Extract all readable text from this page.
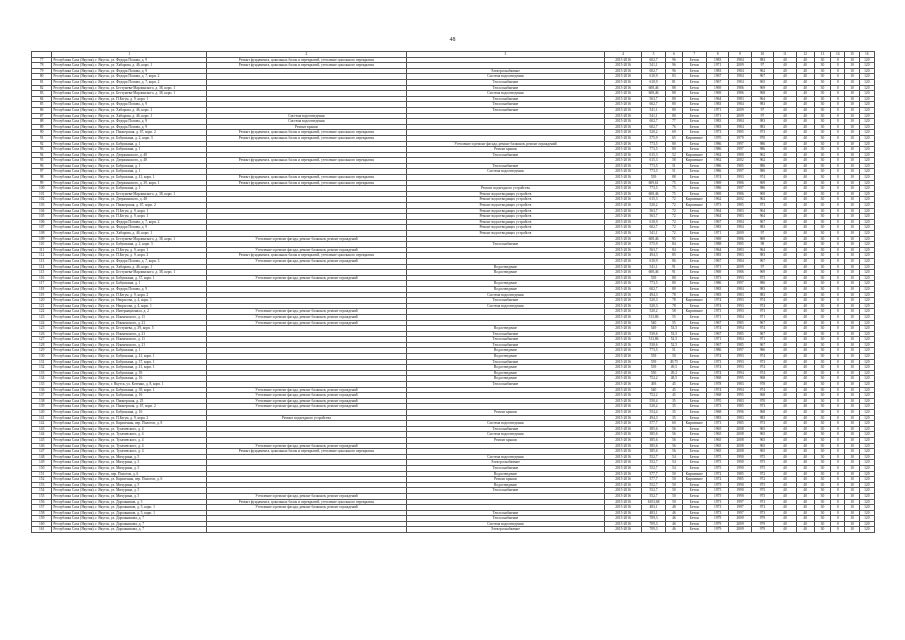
48
	1	2	3	4	5	6	7	8	9	10	11	12	13	14	15	16
77	Республика Саха (Якутия), г. Якутск, ул. Федора Попова, д. 9	Ремонт фундамента, цокольных балок и перекрытий, утепление цокольного перекрытия		2015-2016	602,7	96	Бетон	1983	1984	983	40	40	30	0	10	120
78	Республика Саха (Якутия), г. Якутск, ул. Хабарова, д. 46, корп. 1	Ремонт фундамента, цокольных балок и перекрытий, утепление цокольного перекрытия		2015-2016	541,1	96	Бетон	1971	2009	97	40	40	30	0	10	120
79	Республика Саха (Якутия), г. Якутск, ул. Федора Попова, д. 9		Электроснабжение	2015-2016	602,7	96	Бетон	1983	1984	962	40	40	30	0	10	120
80	Республика Саха (Якутия), г. Якутск, ул. Федора Попова, д. 7, корп. 2		Система водоотведения	2015-2016	610,9	83	Бетон	1967	1984	967	40	40	30	0	10	120
81	Республика Саха (Якутия), г. Якутск, ул. Федора Попова, д. 7, корп. 2		Теплоснабжение	2015-2016	610,9	81	Бетон	1967	1984	965	40	40	30	0	10	120
82	Республика Саха (Якутия), г. Якутск, ул. Бестужева-Марлинского, д. 38, корп. 1		Теплоснабжение	2015-2016	608,46	88	Бетон	1969	1986	969	40	40	30	0	10	120
83	Республика Саха (Якутия), г. Якутск, ул. Бестужева-Марлинского, д. 38, корп. 1		Система водоотведения	2015-2016	608,46	88	Бетон	1969	1986	968	40	40	30	0	10	120
84	Республика Саха (Якутия), г. Якутск, ул. П.Бегун, д. 9, корп. 1		Теплоснабжение	2015-2016	563,7	80	Бетон	1964	1983	964	40	40	30	0	10	120
85	Республика Саха (Якутия), г. Якутск, ул. Федора Попова, д. 9		Теплоснабжение	2015-2016	602,7	80	Бетон	1983	1984	983	40	40	30	0	10	120
86	Республика Саха (Якутия), г. Якутск, ул. Хабарова, д. 46, корп. 1		Теплоснабжение	2015-2016	541,1	80	Бетон	1971	2009	97	40	40	30	0	10	120
87	Республика Саха (Якутия), г. Якутск, ул. Хабарова, д. 46, корп. 1	Система водоотведения		2015-2016	541,1	80	Бетон	1971	2009	97	40	40	30	0	10	120
88	Республика Саха (Якутия), г. Якутск, ул. Федора Попова, д. 9	Система водоотведения		2015-2016	602,7	77	Бетон	1983	1984	983	40	40	30	0	10	120
89	Республика Саха (Якутия), г. Якутск, ул. Федора Попова, д. 9	Ремонт крыши		2015-2016	602,7	76	Бетон	1983	1984	983	40	40	30	0	10	120
90	Республика Саха (Якутия), г. Якутск, ул. Пионерская, д. 67, корп. 2	Ремонт фундамента, цокольных балок и перекрытий, утепление цокольного перекрытия		2015-2016	520,2	69	Бетон	1973	1985	973	40	40	30	0	10	120
91	Республика Саха (Якутия), г. Якутск, ул. Бабушкина, д. 2, корп. 5	Ремонт фундамента, цокольных балок и перекрытий, утепление цокольного перекрытия		2015-2016	575,9	65	Кирпичное	1970	1979	970	40	40	30	0	10	120
92	Республика Саха (Якутия), г. Якутск, ул. Бабушкина, д. 1		Утепление и ремонт фасада, ремонт балконов, ремонт ограждений	2015-2016	773,5	80	Бетон	1986	1997	986	40	40	30	0	10	120
93	Республика Саха (Якутия), г. Якутск, ул. Бабушкина, д. 1		Ремонт крыши	2015-2016	773,5	80	Бетон	1986	1997	986	40	40	30	0	10	120
94	Республика Саха (Якутия), г. Якутск, ул. Дзержинского, д. 40		Теплоснабжение	2015-2016	615,3	52	Кирпичное	1962	1980	962	40	40	30	0	10	120
95	Республика Саха (Якутия), г. Якутск, ул. Дзержинского, д. 48	Ремонт фундамента, цокольных балок и перекрытий, утепление цокольного перекрытия		2015-2016	615,3	58	Кирпичное	1962	2002	962	40	40	30	0	10	120
96	Республика Саха (Якутия), г. Якутск, ул. Бабушкина, д. 1		Теплоснабжение	2015-2016	773,5	51	Бетон	1986	1985	986	40	40	30	0	10	120
97	Республика Саха (Якутия), г. Якутск, ул. Бабушкина, д. 1		Система водоотведения	2015-2016	773,5	51	Бетон	1986	1997	986	40	40	30	0	10	120
98	Республика Саха (Якутия), г. Якутск, ул. Бабушкина, д. 41, корп. 1	Ремонт фундамента, цокольных балок и перекрытий, утепление цокольного перекрытия		2015-2016	539	88	Бетон	1974	1993	974	40	40	30	0	10	120
99	Республика Саха (Якутия), г. Якутск, ул. Дзержинского, д. 39, корп. 1	Ремонт фундамента, цокольных балок и перекрытий, утепление цокольного перекрытия		2015-2016	609,61	75	Бетон	1969	1986	969	40	40	30	0	10	120
100	Республика Саха (Якутия), г. Якутск, ул. Бабушкина, д. 1		Ремонт подъездного устройства	2015-2016	773,5	75	Бетон	1986	1997	986	40	40	30	0	10	120
101	Республика Саха (Якутия), г. Якутск, ул. Бестужева-Марлинского, д. 38, корп. 1		Ремонт водоотводящих устройств	2015-2016	608,46	75	Бетон	1969	1986	969	40	40	30	0	10	120
102	Республика Саха (Якутия), г. Якутск, ул. Дзержинского, д. 48		Ремонт водоотводящих устройств	2015-2016	615,3	72	Кирпичное	1962	2002	962	40	40	30	0	10	120
103	Республика Саха (Якутия), г. Якутск, ул. Пионерская, д. 67, корп. 2		Ремонт водоотводящих устройств	2015-2016	520,2	72	Кирпичное	1973	1985	973	40	40	30	0	10	120
104	Республика Саха (Якутия), г. Якутск, ул. П.Бегун, д. 9, корп. 1		Ремонт водоотводящих устройств	2015-2016	563,7	72	Бетон	1964	1983	964	40	40	30	0	10	120
105	Республика Саха (Якутия), г. Якутск, ул. П.Бегун, д. 9, корп. 1		Ремонт водоотводящих устройств	2015-2016	563,7	72	Бетон	1964	1983	964	40	40	30	0	10	120
106	Республика Саха (Якутия), г. Якутск, ул. Федора Попова, д. 7, корп. 2		Ремонт водоотводящих устройств	2015-2016	610,9	72	Бетон	1967	1984	967	40	40	30	0	10	120
107	Республика Саха (Якутия), г. Якутск, ул. Федора Попова, д. 9		Ремонт водоотводящих устройств	2015-2016	602,7	72	Бетон	1983	1984	983	40	40	30	0	10	120
108	Республика Саха (Якутия), г. Якутск, ул. Хабарова, д. 46, корп. 1		Ремонт водоотводящих устройств	2015-2016	541,1	72	Бетон	1971	2009	97	40	40	30	0	10	120
109	Республика Саха (Якутия), г. Якутск, ул. Бестужева-Марлинского, д. 38, корп. 1	Утепление и ремонт фасада, ремонт балконов, ремонт ограждений		2015-2016	608,46	95	Бетон	1969	1986	969	40	40	30	0	10	120
110	Республика Саха (Якутия), г. Якутск, ул. Бабушкина, д. 2, корп. 5		Теплоснабжение	2015-2016	575,9	84	Бетон	1988	1985	98	40	40	30	0	10	120
111	Республика Саха (Якутия), г. Якутск, ул. П.Бегун, д. 9, корп. 1	Утепление и ремонт фасада, ремонт балконов, ремонт ограждений		2015-2016	563,7	84	Бетон	1964	1983	964	40	40	30	0	10	120
112	Республика Саха (Якутия), г. Якутск, ул. П.Бегун, д. 9, корп. 2	Ремонт фундамента, цокольных балок и перекрытий, утепление цокольного перекрытия		2015-2016	494,3	85	Бетон	1983	1983	983	40	40	30	0	10	120
113	Республика Саха (Якутия), г. Якутск, ул. Федора Попова, д. 7, корп. 3	Утепление и ремонт фасада, ремонт балконов, ремонт ограждений		2015-2016	610,9	86	Бетон	1967	1984	967	40	40	30	0	10	120
114	Республика Саха (Якутия), г. Якутск, ул. Хабарова, д. 46, корп. 1		Водоотведение	2015-2016	541,1	91	Бетон	1971	2009	97	40	40	30	0	10	120
115	Республика Саха (Якутия), г. Якутск, ул. Бестужева-Марлинского, д. 38, корп. 1		Водоотведение	2015-2016	608,46	91	Бетон	1969	1986	969	40	40	30	0	10	120
116	Республика Саха (Якутия), г. Якутск, ул. Бабушкина, д. 37, корп. 1	Утепление и ремонт фасада, ремонт балконов, ремонт ограждений		2015-2016	539	80	Бетон	1973	1993	973	40	40	30	0	10	120
117	Республика Саха (Якутия), г. Якутск, ул. Бабушкина, д. 1		Водоотведение	2015-2016	773,5	80	Бетон	1986	1997	986	40	40	30	0	10	120
118	Республика Саха (Якутия), г. Якутск, ул. Федора Попова, д. 9		Водоотведение	2015-2016	602,7	80	Бетон	1983	1984	983	40	40	30	0	10	120
119	Республика Саха (Якутия), г. Якутск, ул. П.Бегун, д. 9, корп. 2		Система водоотведения	2015-2016	494,3	78	Бетон	1983	1983	983	40	40	30	0	10	120
120	Республика Саха (Якутия), г. Якутск, ул. Некрасова, д. 4, корп. 1		Теплоснабжение	2015-2016	520,3	78	Кирпичное	1974	1993	974	40	40	30	0	10	120
121	Республика Саха (Якутия), г. Якутск, ул. Некрасова, д. 4, корп. 1		Система водоотведения	2015-2016	520,3	78	Бетон	1974	1993	974	40	40	30	0	10	120
122	Республика Саха (Якутия), г. Якутск, ул. Интернационала, д. 2	Утепление и ремонт фасада, ремонт балконов, ремонт ограждений		2015-2016	520,2	58	Кирпичное	1973	1993	973	40	40	30	0	10	120
123	Республика Саха (Якутия), г. Якутск, ул. Ильменского, д. 11	Утепление и ремонт фасада, ремонт балконов, ремонт ограждений		2015-2016	513,86	55	Бетон	1971	1984	971	40	40	30	0	10	120
124	Республика Саха (Якутия), г. Якутск, ул. Ильменского, д. 21	Утепление и ремонт фасада, ремонт балконов, ремонт ограждений		2015-2016	540	55	Бетон	1967	1985	967	40	40	30	0	10	120
125	Республика Саха (Якутия), г. Якутск, ул. Бестужева, д. 39, корп. 5		Водоотведение	2015-2016	549	53,5	Бетон	1974	1994	974	40	40	30	0	10	120
126	Республика Саха (Якутия), г. Якутск, ул. Ильменского, д. 21		Теплоснабжение	2015-2016	530,6	53,5	Бетон	1967	1985	967	40	40	30	0	10	120
127	Республика Саха (Якутия), г. Якутск, ул. Ильменского, д. 11		Теплоснабжение	2015-2016	513,86	52,5	Бетон	1971	1984	971	40	40	30	0	10	120
128	Республика Саха (Якутия), г. Якутск, ул. Ильменского, д. 21		Теплоснабжение	2015-2016	530,6	52,5	Бетон	1967	1985	967	40	40	30	0	10	120
129	Республика Саха (Якутия), г. Якутск, ул. Бабушкина, д. 1		Водоотведение	2015-2016	773,5	51	Бетон	1986	1997	986	40	40	30	0	10	120
130	Республика Саха (Якутия), г. Якутск, ул. Бабушкина, д. 41, корп. 1		Водоотведение	2015-2016	539	50	Бетон	1974	1993	974	40	40	30	0	10	120
131	Республика Саха (Якутия), г. Якутск, ул. Бабушкина, д. 37, корп. 1		Теплоснабжение	2015-2016	539	49,75	Бетон	1973	1993	973	40	40	30	0	10	120
132	Республика Саха (Якутия), г. Якутск, ул. Бабушкина, д. 41, корп. 1		Водоотведение	2015-2016	539	49,5	Бетон	1974	1993	974	40	40	30	0	10	120
133	Республика Саха (Якутия), г. Якутск, ул. Бабушкина, д. 39		Водоотведение	2015-2016	550	49,2	Бетон	1974	1994	974	40	40	30	0	10	120
134	Республика Саха (Якутия), г. Якутск, ул. Бабушкина, д. 16		Водоотведение	2015-2016	752,2	48,5	Бетон	1968	1995	968	40	40	30	0	10	120
135	Республика Саха (Якутия), г. Якутск, г. Якутск, ул. Котенко, д. 8, корп. 1		Теплоснабжение	2015-2016	493	45	Бетон	1978	1983	978	40	40	30	0	10	120
136	Республика Саха (Якутия), г. Якутск, ул. Бабушкина, д. 39, корп. 1	Утепление и ремонт фасада, ремонт балконов, ремонт ограждений		2015-2016	540	45	Бетон	1974	1994	974	40	40	30	0	10	120
137	Республика Саха (Якутия), г. Якутск, ул. Бабушкина, д. 16	Утепление и ремонт фасада, ремонт балконов, ремонт ограждений		2015-2016	752,2	45	Бетон	1968	1995	968	40	40	30	0	10	120
138	Республика Саха (Якутия), г. Якутск, ул. Пионерская, д. 25	Утепление и ремонт фасада, ремонт балконов, ремонт ограждений		2015-2016	550,4	35	Бетон	1970	1983	970	40	40	30	0	10	120
139	Республика Саха (Якутия), г. Якутск, ул. Пионерская, д. 67, корп. 2	Утепление и ремонт фасада, ремонт балконов, ремонт ограждений		2015-2016	520,2	35	Бетон	1973	1985	973	40	40	30	0	10	120
140	Республика Саха (Якутия), г. Якутск, ул. Бабушкина, д. 16		Ремонт крыши	2015-2016	554,4	35	Бетон	1968	1996	968	40	40	30	0	10	120
141	Республика Саха (Якутия), г. Якутск, ул. П.Бегун, д. 9, корп. 2	Ремонт подъездного устройства		2015-2016	494,3	35	Бетон	1983	1983	983	40	40	30	0	10	120
142	Республика Саха (Якутия), г. Якутск, ул. Кирпичная, пер. Пилотов, д. 8		Система водоотведения	2015-2016	577,7	60	Кирпичное	1973	1985	973	40	40	30	0	10	120
143	Республика Саха (Якутия), г. Якутск, ул. Тухачевского, д. 4		Теплоснабжение	2015-2016	385,6	56	Бетон	1965	2008	965	40	40	30	0	10	120
144	Республика Саха (Якутия), г. Якутск, ул. Тухачевского, д. 4		Система водоотведения	2015-2016	385,6	56	Бетон	1965	2008	965	40	40	30	0	10	120
145	Республика Саха (Якутия), г. Якутск, ул. Тухачевского, д. 4		Ремонт крыши	2015-2016	385,6	56	Бетон	1965	2008	965	40	40	30	0	10	120
146	Республика Саха (Якутия), г. Якутск, ул. Тухачевского, д. 4	Утепление и ремонт фасада, ремонт балконов, ремонт ограждений		2015-2016	385,6	56	Бетон	1965	2008	965	40	40	30	0	10	120
147	Республика Саха (Якутия), г. Якутск, ул. Тухачевского, д. 4	Ремонт фундамента, цокольных балок и перекрытий, утепление цокольного перекрытия		2015-2016	385,6	56	Бетон	1965	2008	965	40	40	30	0	10	120
148	Республика Саха (Якутия), г. Якутск, ул. Мичурина, д. 5		Система водоотведения	2015-2016	552,7	54	Бетон	1975	1990	975	40	40	30	0	10	120
149	Республика Саха (Якутия), г. Якутск, ул. Мичурина, д. 5		Электроснабжение	2015-2016	552,7	54	Бетон	1975	1990	975	40	40	30	0	10	120
150	Республика Саха (Якутия), г. Якутск, ул. Мичурина, д. 5		Теплоснабжение	2015-2016	552,7	54	Бетон	1975	1990	975	40	40	30	0	10	120
151	Республика Саха (Якутия), г. Якутск, пер. Пилотов, д. 6		Водоотведение	2015-2016	577,7	50	Кирпичное	1972	1985	972	40	40	30	0	10	120
152	Республика Саха (Якутия), г. Якутск, ул. Кирпичная, пер. Пилотов, д. 6		Ремонт крыши	2015-2016	577,7	50	Кирпичное	1972	1985	972	40	40	30	0	10	120
153	Республика Саха (Якутия), г. Якутск, ул. Мичурина, д. 5		Водоотведение	2015-2016	552,7	50	Бетон	1975	1990	975	40	40	30	0	10	120
154	Республика Саха (Якутия), г. Якутск, ул. Мичурина, д. 5		Теплоснабжение	2015-2016	552,7	50	Бетон	1975	1990	975	40	40	30	0	10	120
155	Республика Саха (Якутия), г. Якутск, ул. Мичурина, д. 5	Утепление и ремонт фасада, ремонт балконов, ремонт ограждений		2015-2016	552,7	50	Бетон	1975	1990	975	40	40	30	0	10	120
156	Республика Саха (Якутия), г. Якутск, ул. Дорожников, д. 5	Ремонт фундамента, цокольных балок и перекрытий, утепление цокольного перекрытия		2015-2016	6103,68	50	Бетон	1973	1997	973	40	40	30	0	10	120
157	Республика Саха (Якутия), г. Якутск, ул. Дорожников, д. 5, корп. 1	Утепление и ремонт фасада, ремонт балконов, ремонт ограждений		2015-2016	483,1	48	Бетон	1973	1997	973	40	40	30	0	10	120
158	Республика Саха (Якутия), г. Якутск, ул. Дорожников, д. 5, корп. 1		Теплоснабжение	2015-2016	483,1	46	Бетон	1973	1997	973	40	40	30	0	10	120
159	Республика Саха (Якутия), г. Якутск, ул. Дорожникова, д. 7		Теплоснабжение	2015-2016	709,3	46	Бетон	1979	2009	979	40	40	30	0	10	120
160	Республика Саха (Якутия), г. Якутск, ул. Дорожникова, д. 7		Система водоотведения	2015-2016	709,3	46	Бетон	1979	2009	979	40	40	30	0	10	120
161	Республика Саха (Якутия), г. Якутск, ул. Дорожникова, д. 7		Электроснабжение	2015-2016	709,3	46	Бетон	1979	2009	979	40	40	30	0	10	120
